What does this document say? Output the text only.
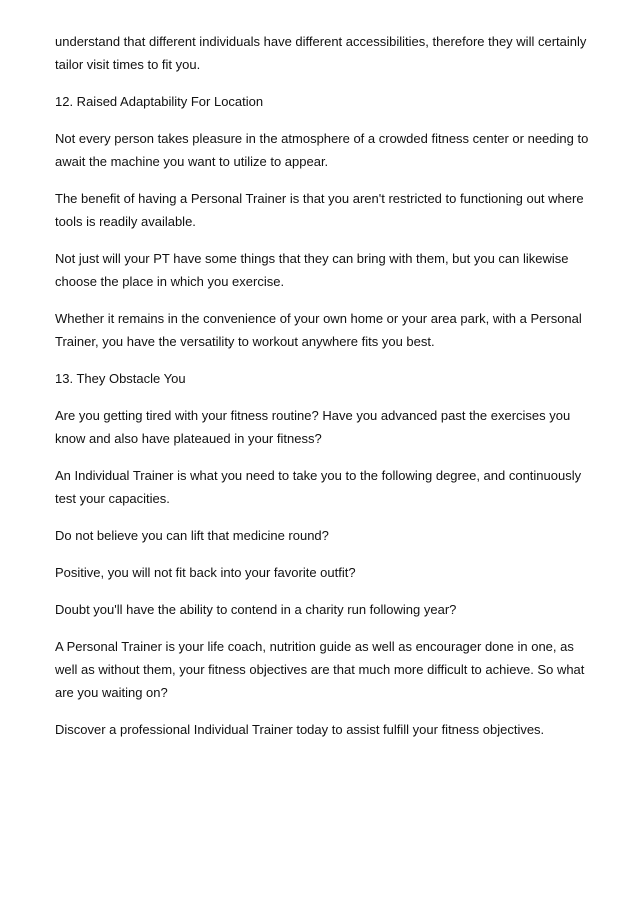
understand that different individuals have different accessibilities, therefore they will certainly tailor visit times to fit you.

12. Raised Adaptability For Location

Not every person takes pleasure in the atmosphere of a crowded fitness center or needing to await the machine you want to utilize to appear.

The benefit of having a Personal Trainer is that you aren't restricted to functioning out where tools is readily available.

Not just will your PT have some things that they can bring with them, but you can likewise choose the place in which you exercise.

Whether it remains in the convenience of your own home or your area park, with a Personal Trainer, you have the versatility to workout anywhere fits you best.

13. They Obstacle You

Are you getting tired with your fitness routine? Have you advanced past the exercises you know and also have plateaued in your fitness?

An Individual Trainer is what you need to take you to the following degree, and continuously test your capacities.

Do not believe you can lift that medicine round?

Positive, you will not fit back into your favorite outfit?

Doubt you'll have the ability to contend in a charity run following year?

A Personal Trainer is your life coach, nutrition guide as well as encourager done in one, as well as without them, your fitness objectives are that much more difficult to achieve. So what are you waiting on?

Discover a professional Individual Trainer today to assist fulfill your fitness objectives.
